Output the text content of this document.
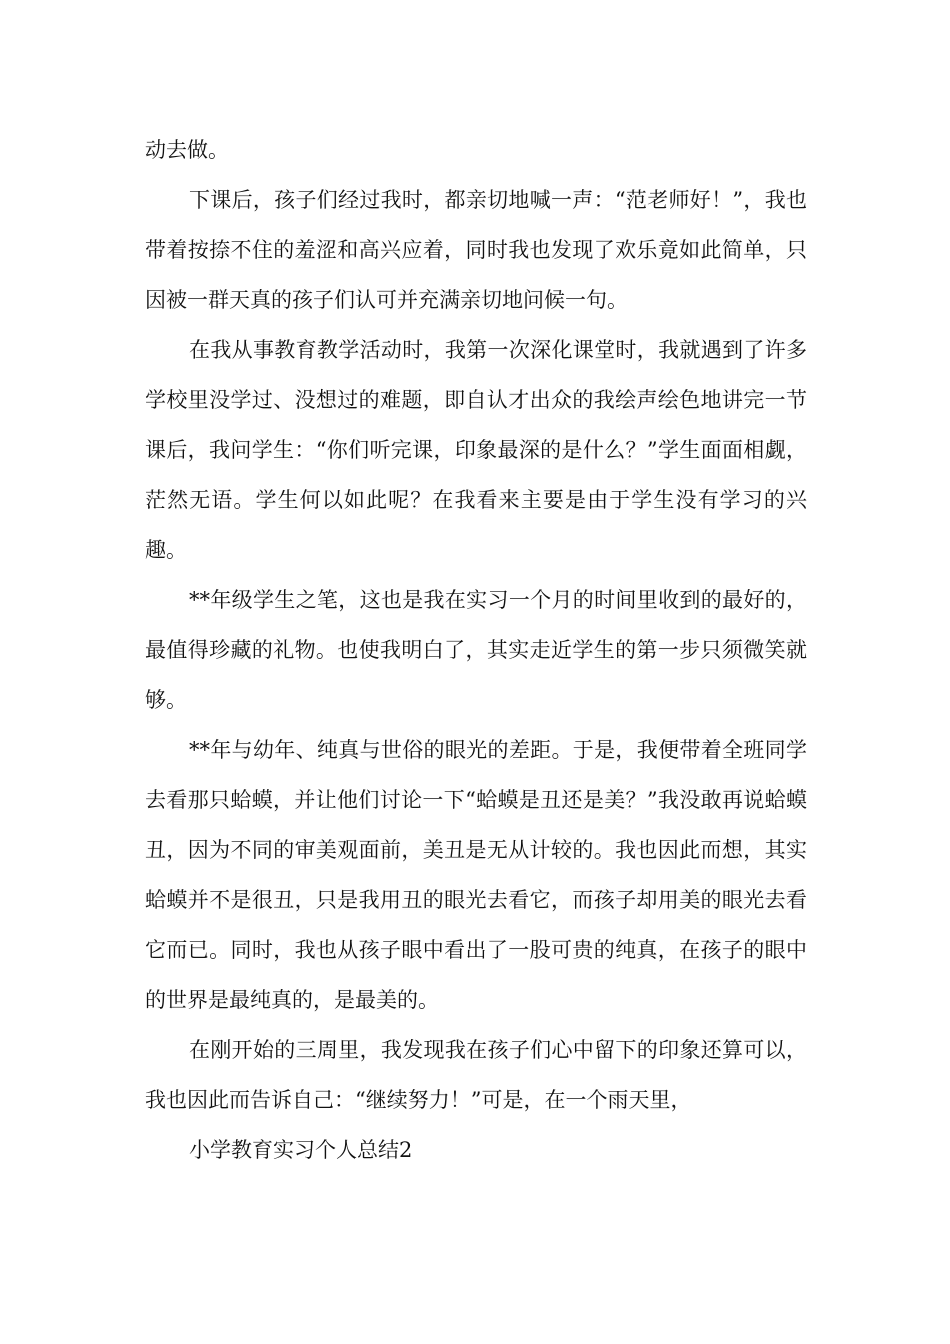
动去做。

下课后，孩子们经过我时，都亲切地喊一声：“范老师好！”，我也带着按捺不住的羞涩和高兴应着，同时我也发现了欢乐竟如此简单，只因被一群天真的孩子们认可并充满亲切地问候一句。

在我从事教育教学活动时，我第一次深化课堂时，我就遇到了许多学校里没学过、没想过的难题，即自认才出众的我绘声绘色地讲完一节课后，我问学生：“你们听完课，印象最深的是什么？”学生面面相觑，茫然无语。学生何以如此呢？在我看来主要是由于学生没有学习的兴趣。

**年级学生之笔，这也是我在实习一个月的时间里收到的最好的，最值得珍藏的礼物。也使我明白了，其实走近学生的第一步只须微笑就够。

**年与幼年、纯真与世俗的眼光的差距。于是，我便带着全班同学去看那只蛤蟆，并让他们讨论一下“蛤蟆是丑还是美？”我没敢再说蛤蟆丑，因为不同的审美观面前，美丑是无从计较的。我也因此而想，其实蛤蟆并不是很丑，只是我用丑的眼光去看它，而孩子却用美的眼光去看它而已。同时，我也从孩子眼中看出了一股可贵的纯真，在孩子的眼中的世界是最纯真的，是最美的。

在刚开始的三周里，我发现我在孩子们心中留下的印象还算可以，我也因此而告诉自己：“继续努力！”可是，在一个雨天里，

小学教育实习个人总结2
